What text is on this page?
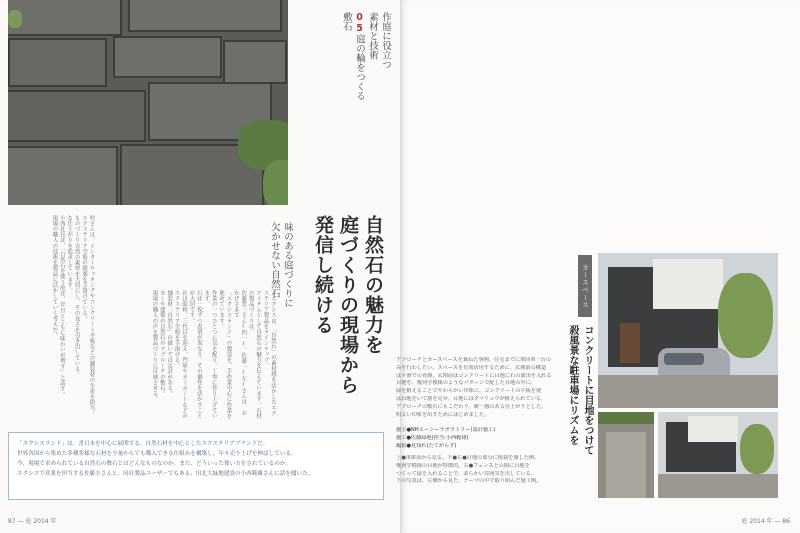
作庭に役立つ
素材と技術
05庭の輪をつくる
敷石
自然石の魅力を
庭づくりの現場から
発信し続ける
味のある庭づくりに
欠かせない自然石
ーエクシスは、「自然石」の素材感を活かしたエクステリア製品をラインナップ。
アイテムとして自然石の魅力を伝えています。石材の製品づくりは、
佐藤豊一さん(四一)、佐藤一(左)さんは、おかげさまで
「エクシスランド」の製造を、手作業中心に作業を進めています。
作業の一つひとつに気を配り、丁寧に作り上げています。
石は一枚ずつ表情が異なり、その個性を活かすことが大切です。
社は昭和、三代目を迎え、門扉やカーポートなどのエクステリア全般を手掛ける。
舗装材「自然石」の扱いでは定評がある。
カーや建築の自然石のアプローチの敷石。
現場の職人の声を製品づくりに反映させる。
村さんは、インターロッキングやコンクリート平板などの舗装材の生産を担当。
エクステリア全般の提案を手掛けている。
ものづくり自然の素材を大切にし、その良さを引き出している。
な仕上がりを追求しています。
小西社長は、「自然石を使う庭は、年月とともに味わいが増す」と話す。
現場の職人の技術を製品に活かしていく考えだ。

「エクシスランド」は、書日本を中心に展開する、自然石材を中心としたエクステリアブランドだ。

世界各国から集めた多種多様な石材を少量からでも購入できる仕組みを構築し、年々売り上げを伸ばしている。

今、現場で求められている自然石の敷石とはどんなものなのか。また、どういった使い方をされているのか。

エクシスで営業を担当する佐藤圭さんと、同社製品ユーザーでもある、田北大緑地建設の小西範雄さんに話を聞いた。

87 ― 庭 2014 年	庭 2014 年 ― 86
カースペース
コンクリートに目地をつけて
殺風景な駐車場にリズムを

アプローチとカースペースを兼ねた事例。住宅までに車回車一台の

みを行わしたい。スペースを有効活用するために、玄関前の構造

は平滑での直感、玄関前はコンクリートに目地に石の演出を入れる

目地を、幾何学模様のようなパターンで配した目地の中に、

緑を植えることでやわらかい印象に。コンクリートの平板を使

は目地をいて割を見せ、目地にはタマリュウが植えられている。

アプローチの敷石にもこだわり、統一感のある仕上がりとした。

明るい印象を出すためにはじめました。

施主●NHエーシーラボラトリー(設計施工)

施工●佐藤緑地(担当:小西範雄)

撮影●見知れ(たてがらす)

上●車庫前から見る。下●左●目地の部分に植栽を施した例。

幾何学模様の目地が特徴的。右●フェンスとの間に目地を

つくって緑を入れることで、柔らかい雰囲気を出している。

下の写真は、左側から見た、テーマの中で取り組んだ施工例。
